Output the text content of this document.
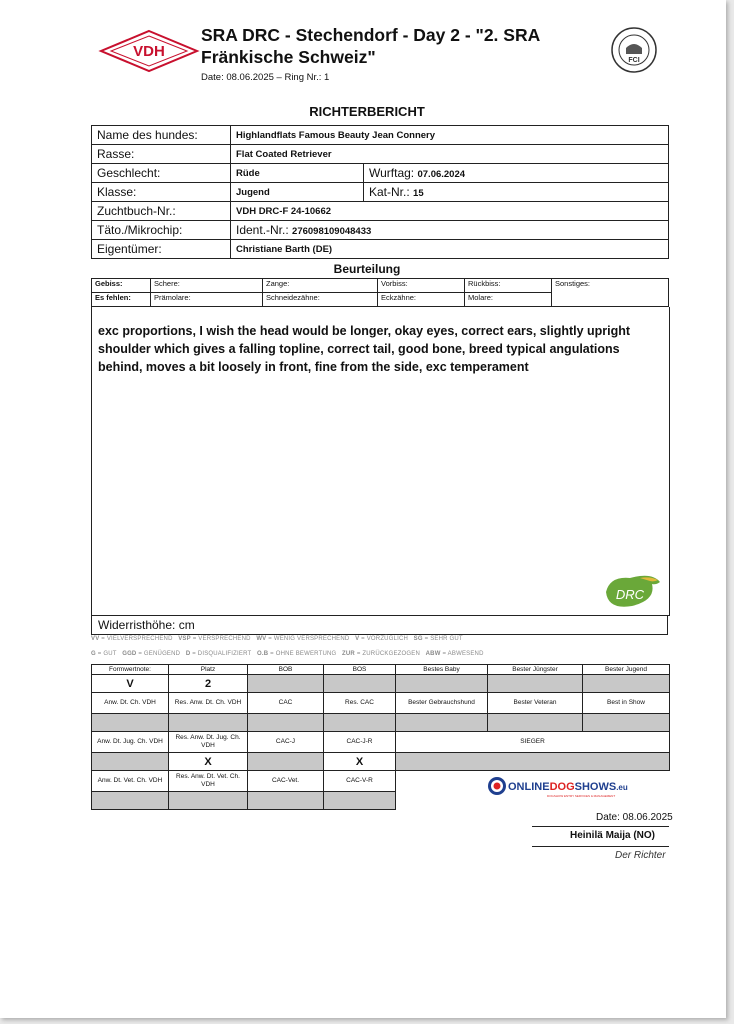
VDH
SRA DRC - Stechendorf - Day 2 - "2. SRA Fränkische Schweiz"
Date: 08.06.2025 – Ring Nr.: 1
FCI
RICHTERBERICHT
Name des hundes:	Highlandflats Famous Beauty Jean Connery	
Rasse:	Flat Coated Retriever	
Geschlecht:	Rüde	Wurftag: 07.06.2024
Klasse:	Jugend	Kat-Nr.: 15
Zuchtbuch-Nr.:	VDH DRC-F 24-10662	
Täto./Mikrochip:	Ident.-Nr.: 276098109048433	
Eigentümer:	Christiane Barth (DE)	
Beurteilung
Gebiss:	Schere:	Zange:	Vorbiss:	Rückbiss:	Sonstiges:
Es fehlen:	Prämolare:	Schneidezähne:	Eckzähne:	Molare:	
exc proportions, I wish the head would be longer, okay eyes, correct ears, slightly upright shoulder which gives a falling topline, correct tail, good bone, breed typical angulations behind, moves a bit loosely in front, fine from the side, exc temperament
DRC
Widerristhöhe: cm
VV = VIELVERSPRECHEND VSP = VERSPRECHEND WV = WENIG VERSPRECHEND V = VORZÜGLICH SG = SEHR GUT
G = GUT GGD = GENÜGEND D = DISQUALIFIZIERT O.B = OHNE BEWERTUNG ZUR = ZURÜCKGEZOGEN ABW = ABWESEND
Formwertnote:	Platz	BOB	BOS	Bestes Baby	Bester Jüngster	Bester Jugend
V	2					
Anw. Dt. Ch. VDH	Res. Anw. Dt. Ch. VDH	CAC	Res. CAC	Bester Gebrauchshund	Bester Veteran	Best in Show

Anw. Dt. Jug. Ch. VDH	Res. Anw. Dt. Jug. Ch. VDH	CAC-J	CAC-J-R	SIEGER		
	X		X			
Anw. Dt. Vet. Ch. VDH	Res. Anw. Dt. Vet. Ch. VDH	CAC-Vet.	CAC-V-R			

ONLINEDOGSHOWS.eu
DOGSHOW ENTRY SERVICES & MANAGEMENT
Date: 08.06.2025
Heinilä Maija (NO)
Der Richter
